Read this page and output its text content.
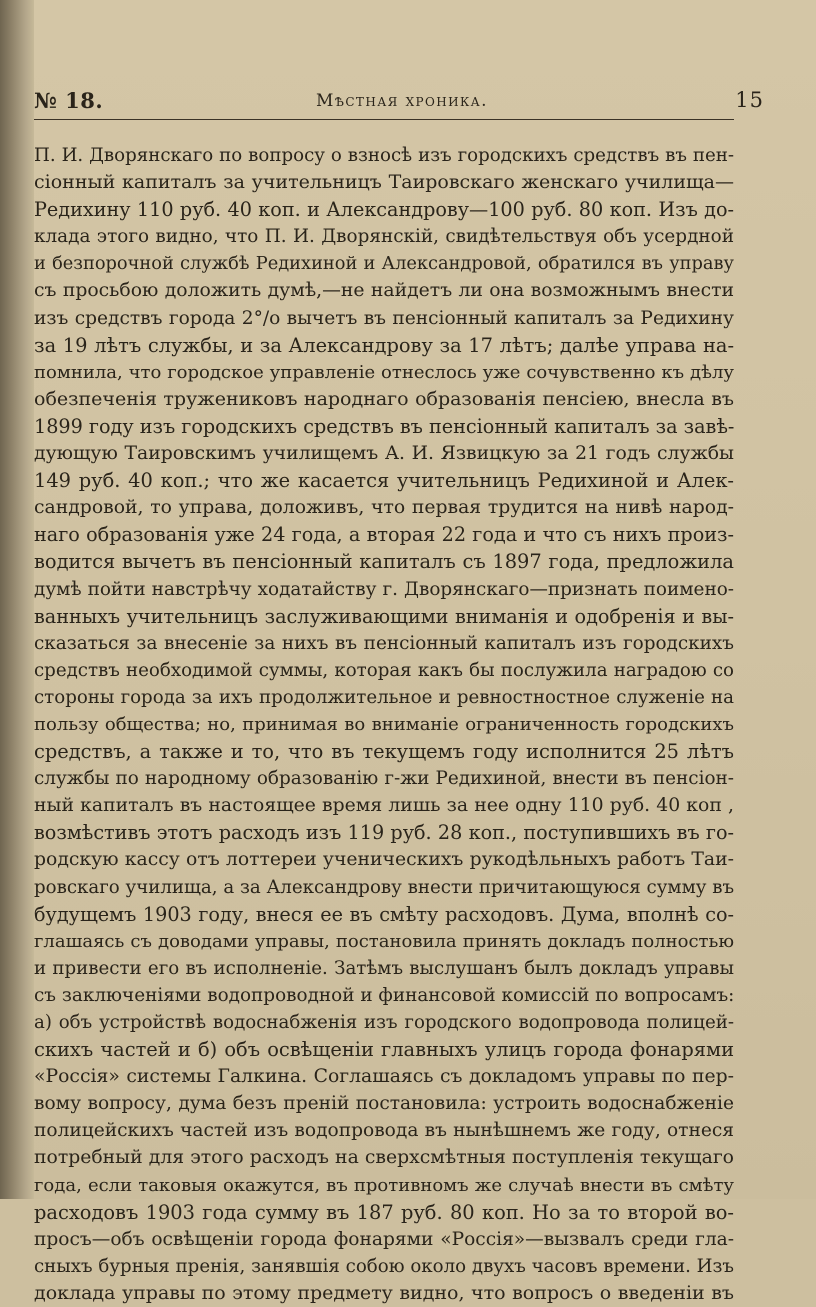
№ 18.	Мѣстная хроника.	15
П. И. Дворянскаго по вопросу о взносѣ изъ городскихъ средствъ въ пен-
сіонный капиталъ за учительницъ Таировскаго женскаго училища—
Редихину 110 руб. 40 коп. и Александрову—100 руб. 80 коп. Изъ до-
клада этого видно, что П. И. Дворянскій, свидѣтельствуя объ усердной
и безпорочной службѣ Редихиной и Александровой, обратился въ управу
съ просьбою доложить думѣ,—не найдетъ ли она возможнымъ внести
изъ средствъ города 2°/о вычетъ въ пенсіонный капиталъ за Редихину
за 19 лѣтъ службы, и за Александрову за 17 лѣтъ; далѣе управа на-
помнила, что городское управленіе отнеслось уже сочувственно къ дѣлу
обезпеченія тружениковъ народнаго образованія пенсіею, внесла въ
1899 году изъ городскихъ средствъ въ пенсіонный капиталъ за завѣ-
дующую Таировскимъ училищемъ А. И. Язвицкую за 21 годъ службы
149 руб. 40 коп.; что же касается учительницъ Редихиной и Алек-
сандровой, то управа, доложивъ, что первая трудится на нивѣ народ-
наго образованія уже 24 года, а вторая 22 года и что съ нихъ произ-
водится вычетъ въ пенсіонный капиталъ съ 1897 года, предложила
думѣ пойти навстрѣчу ходатайству г. Дворянскаго—признать поимено-
ванныхъ учительницъ заслуживающими вниманія и одобренія и вы-
сказаться за внесеніе за нихъ въ пенсіонный капиталъ изъ городскихъ
средствъ необходимой суммы, которая какъ бы послужила наградою со
стороны города за ихъ продолжительное и ревностностное служеніе на
пользу общества; но, принимая во вниманіе ограниченность городскихъ
средствъ, а также и то, что въ текущемъ году исполнится 25 лѣтъ
службы по народному образованію г-жи Редихиной, внести въ пенсіон-
ный капиталъ въ настоящее время лишь за нее одну 110 руб. 40 коп ,
возмѣстивъ этотъ расходъ изъ 119 руб. 28 коп., поступившихъ въ го-
родскую кассу отъ лоттереи ученическихъ рукодѣльныхъ работъ Таи-
ровскаго училища, а за Александрову внести причитающуюся сумму въ
будущемъ 1903 году, внеся ее въ смѣту расходовъ. Дума, вполнѣ со-
глашаясь съ доводами управы, постановила принять докладъ полностью
и привести его въ исполненіе. Затѣмъ выслушанъ былъ докладъ управы
съ заключеніями водопроводной и финансовой комиссій по вопросамъ:
а) объ устройствѣ водоснабженія изъ городского водопровода полицей-
скихъ частей и б) объ освѣщеніи главныхъ улицъ города фонарями
«Россія» системы Галкина. Соглашаясь съ докладомъ управы по пер-
вому вопросу, дума безъ преній постановила: устроить водоснабженіе
полицейскихъ частей изъ водопровода въ нынѣшнемъ же году, отнеся
потребный для этого расходъ на сверхсмѣтныя поступленія текущаго
года, если таковыя окажутся, въ противномъ же случаѣ внести въ смѣту
расходовъ 1903 года сумму въ 187 руб. 80 коп. Но за то второй во-
просъ—объ освѣщеніи города фонарями «Россія»—вызвалъ среди гла-
сныхъ бурныя пренія, занявшія собою около двухъ часовъ времени. Изъ
доклада управы по этому предмету видно, что вопросъ о введеніи въ
